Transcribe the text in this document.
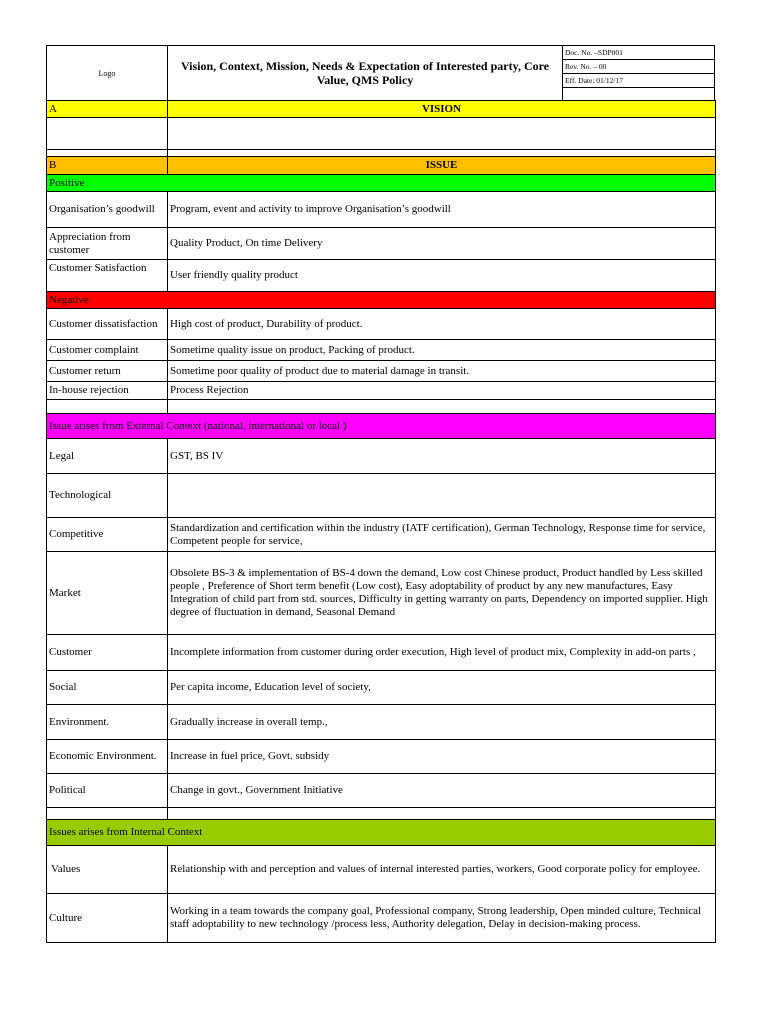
Logo	Vision, Context, Mission, Needs & Expectation of Interested party, Core Value, QMS Policy
Doc. No. –SDP001
Rev. No. – 00
Eff. Date: 01/12/17
A	VISION

B	ISSUE
Positive	
Organisation’s goodwill	Program, event and activity to improve Organisation’s goodwill
Appreciation from customer	Quality Product, On time Delivery
Customer Satisfaction	User friendly quality product
Negative	
Customer dissatisfaction	High cost of product, Durability of product.
Customer complaint	Sometime quality issue on product, Packing of product.
Customer return	Sometime poor quality of product due to material damage in transit.
In-house rejection	Process Rejection

Issue arises from External Context (national, international or local )	
Legal	GST, BS IV
Technological	
Competitive	Standardization and certification within the industry (IATF certification), German Technology, Response time for service, Competent people for service,
Market	Obsolete BS-3 & implementation of BS-4 down the demand, Low cost Chinese product, Product handled by Less skilled people , Preference of Short term benefit (Low cost), Easy adoptability of product by any new manufactures, Easy Integration of child part from std. sources, Difficulty in getting warranty on parts, Dependency on imported supplier. High degree of fluctuation in demand, Seasonal Demand
Customer	Incomplete information from customer during order execution, High level of product mix, Complexity in add-on parts ,
Social	Per capita income, Education level of society,
Environment.	Gradually increase in overall temp.,
Economic Environment.	Increase in fuel price, Govt. subsidy
Political	Change in govt., Government Initiative

Issues arises from Internal Context	
Values	Relationship with and perception and values of internal interested parties, workers, Good corporate policy for employee.
Culture	Working in a team towards the company goal, Professional company, Strong leadership, Open minded culture, Technical staff adoptability to new technology /process less, Authority delegation, Delay in decision-making process.
